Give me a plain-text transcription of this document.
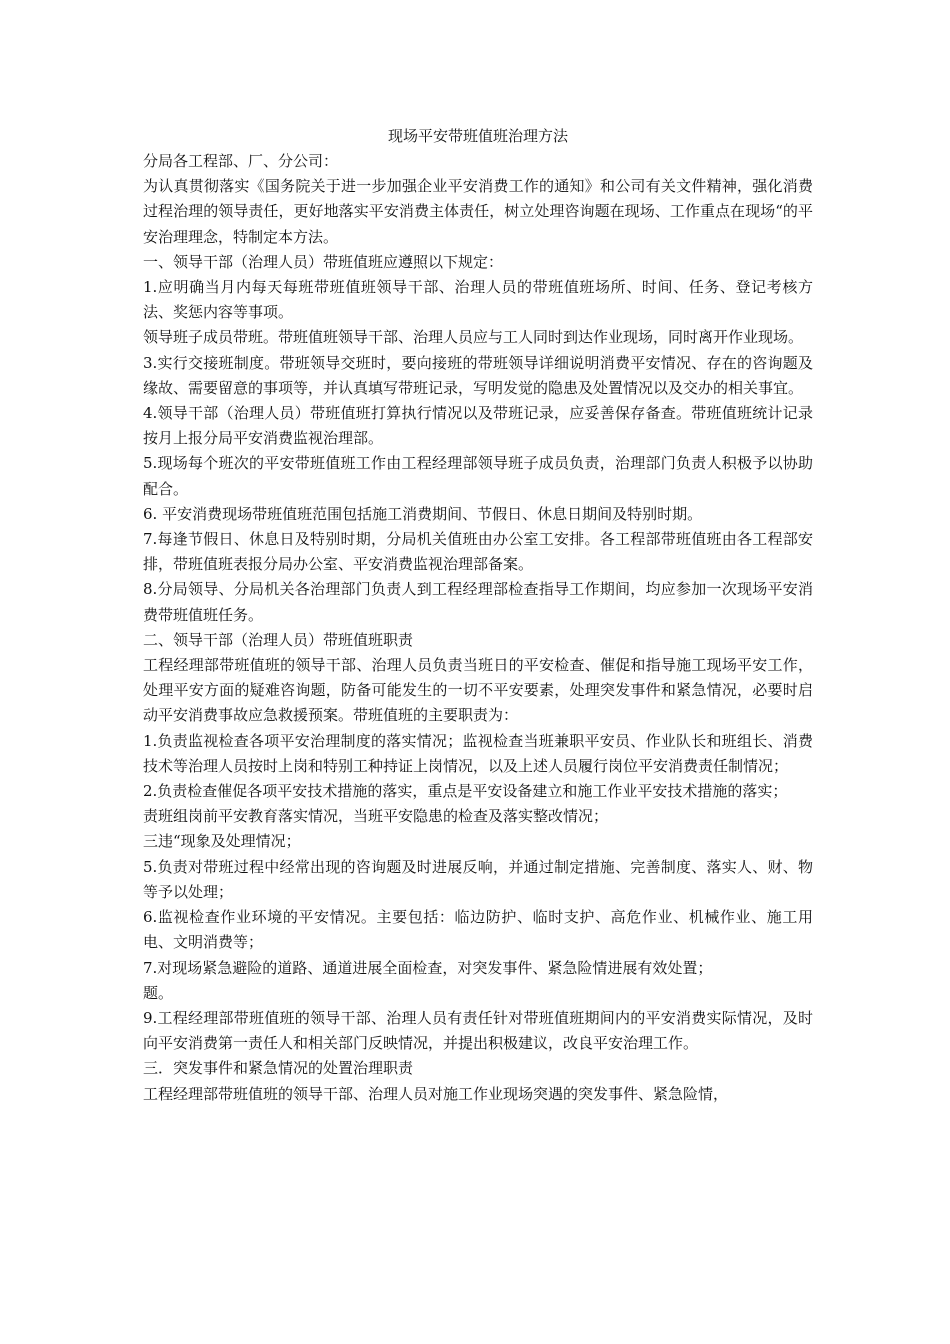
现场平安带班值班治理方法

分局各工程部、厂、分公司：

为认真贯彻落实《国务院关于进一步加强企业平安消费工作的通知》和公司有关文件精神，强化消费过程治理的领导责任，更好地落实平安消费主体责任，树立处理咨询题在现场、工作重点在现场“的平安治理理念，特制定本方法。

一、领导干部（治理人员）带班值班应遵照以下规定：

1.应明确当月内每天每班带班值班领导干部、治理人员的带班值班场所、时间、任务、登记考核方法、奖惩内容等事项。

领导班子成员带班。带班值班领导干部、治理人员应与工人同时到达作业现场，同时离开作业现场。

3.实行交接班制度。带班领导交班时，要向接班的带班领导详细说明消费平安情况、存在的咨询题及缘故、需要留意的事项等，并认真填写带班记录，写明发觉的隐患及处置情况以及交办的相关事宜。

4.领导干部（治理人员）带班值班打算执行情况以及带班记录，应妥善保存备查。带班值班统计记录按月上报分局平安消费监视治理部。

5.现场每个班次的平安带班值班工作由工程经理部领导班子成员负责，治理部门负责人积极予以协助配合。

6. 平安消费现场带班值班范围包括施工消费期间、节假日、休息日期间及特别时期。

7.每逢节假日、休息日及特别时期，分局机关值班由办公室工安排。各工程部带班值班由各工程部安排，带班值班表报分局办公室、平安消费监视治理部备案。

8.分局领导、分局机关各治理部门负责人到工程经理部检查指导工作期间，均应参加一次现场平安消费带班值班任务。

二、领导干部（治理人员）带班值班职责

工程经理部带班值班的领导干部、治理人员负责当班日的平安检查、催促和指导施工现场平安工作，处理平安方面的疑难咨询题，防备可能发生的一切不平安要素，处理突发事件和紧急情况，必要时启动平安消费事故应急救援预案。带班值班的主要职责为：

1.负责监视检查各项平安治理制度的落实情况；监视检查当班兼职平安员、作业队长和班组长、消费技术等治理人员按时上岗和特别工种持证上岗情况，以及上述人员履行岗位平安消费责任制情况；

2.负责检查催促各项平安技术措施的落实，重点是平安设备建立和施工作业平安技术措施的落实；

责班组岗前平安教育落实情况，当班平安隐患的检查及落实整改情况；

三违“现象及处理情况；

5.负责对带班过程中经常出现的咨询题及时进展反响，并通过制定措施、完善制度、落实人、财、物等予以处理；

6.监视检查作业环境的平安情况。主要包括：临边防护、临时支护、高危作业、机械作业、施工用电、文明消费等；

7.对现场紧急避险的道路、通道进展全面检查，对突发事件、紧急险情进展有效处置；

题。

9.工程经理部带班值班的领导干部、治理人员有责任针对带班值班期间内的平安消费实际情况，及时向平安消费第一责任人和相关部门反映情况，并提出积极建议，改良平安治理工作。

三．突发事件和紧急情况的处置治理职责

工程经理部带班值班的领导干部、治理人员对施工作业现场突遇的突发事件、紧急险情，
